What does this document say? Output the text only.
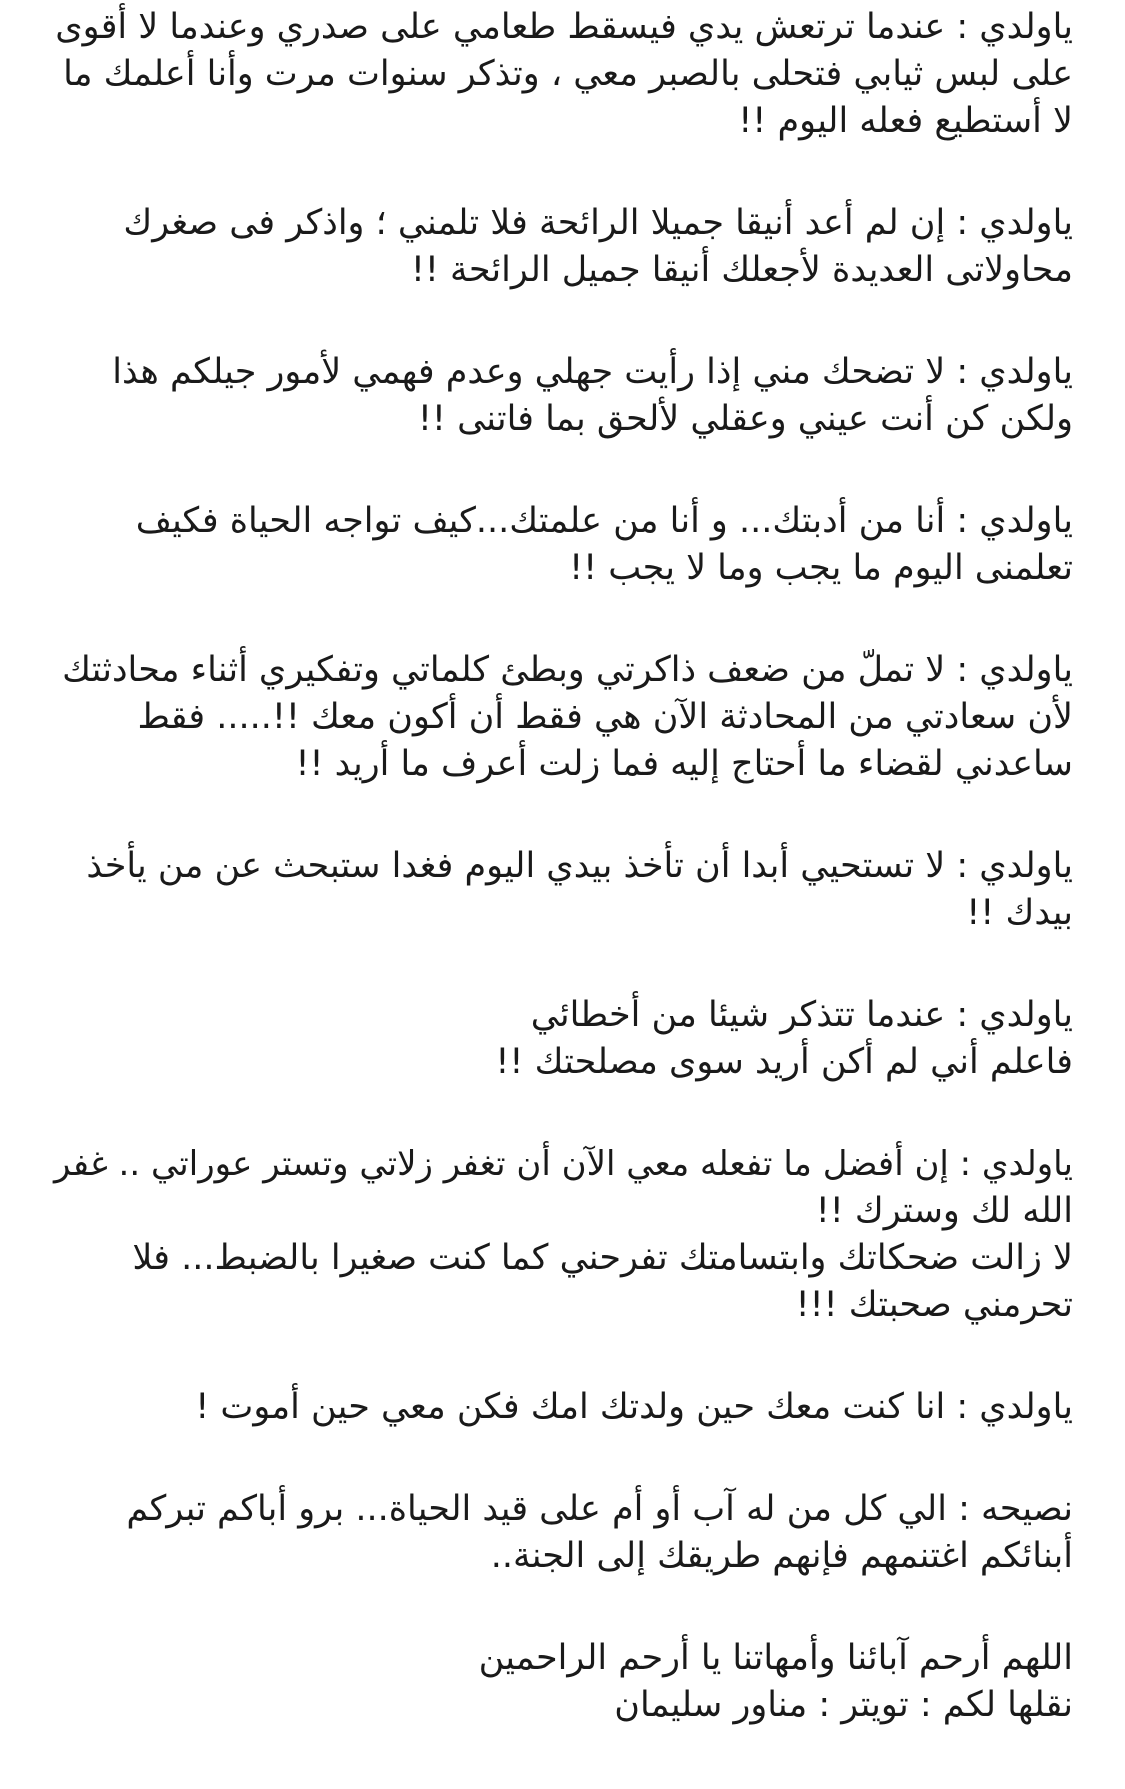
ياولدي : عندما ترتعش يدي فيسقط طعامي على صدري وعندما لا أقوى
على لبس ثيابي فتحلى بالصبر معي ، وتذكر سنوات مرت وأنا أعلمك ما
لا أستطيع فعله اليوم !!
ياولدي : إن لم أعد أنيقا جميلا الرائحة فلا تلمني ؛ واذكر فى صغرك
محاولاتى العديدة لأجعلك أنيقا جميل الرائحة !!
ياولدي : لا تضحك مني إذا رأيت جهلي وعدم فهمي لأمور جيلكم هذا
ولكن كن أنت عيني وعقلي لألحق بما فاتنى !!
ياولدي : أنا من أدبتك... و أنا من علمتك...كيف تواجه الحياة فكيف
تعلمنى اليوم ما يجب وما لا يجب !!
ياولدي : لا تملّ من ضعف ذاكرتي وبطئ كلماتي وتفكيري أثناء محادثتك
لأن سعادتي من المحادثة الآن هي فقط أن أكون معك !!..... فقط
ساعدني لقضاء ما أحتاج إليه فما زلت أعرف ما أريد !!
ياولدي : لا تستحيي أبدا أن تأخذ بيدي اليوم فغدا ستبحث عن من يأخذ
بيدك !!
ياولدي : عندما تتذكر شيئا من أخطائي
فاعلم أني لم أكن أريد سوى مصلحتك !!
ياولدي : إن أفضل ما تفعله معي الآن أن تغفر زلاتي وتستر عوراتي .. غفر
الله لك وسترك !!
لا زالت ضحكاتك وابتسامتك تفرحني كما كنت صغيرا بالضبط... فلا
تحرمني صحبتك !!!
ياولدي : انا كنت معك حين ولدتك امك فكن معي حين أموت !
نصيحه : الي كل من له آب أو أم على قيد الحياة... برو أباكم تبركم
أبنائكم اغتنمهم فإنهم طريقك إلى الجنة..
اللهم أرحم آبائنا وأمهاتنا يا أرحم الراحمين
نقلها لكم : تويتر : مناور سليمان
